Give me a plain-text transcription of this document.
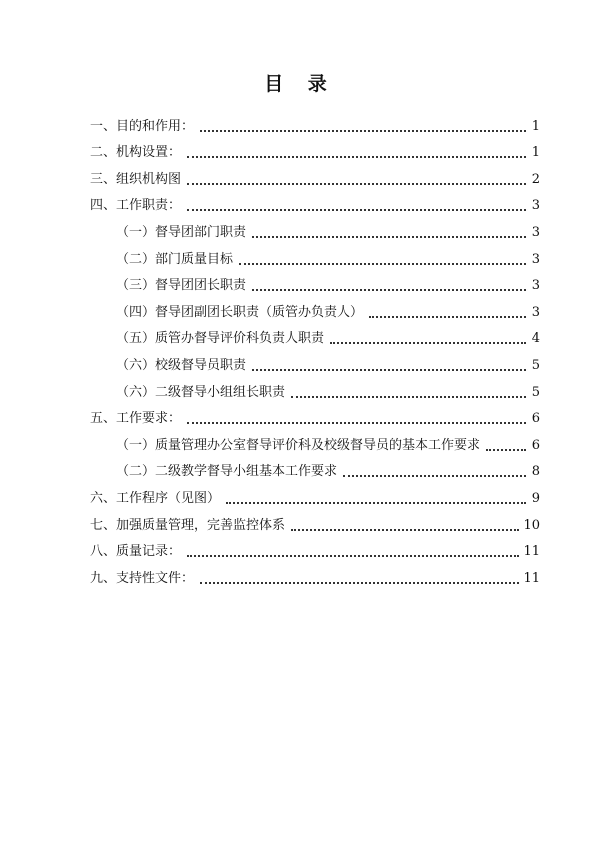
目 录
一、目的和作用：	1
二、机构设置：	1
三、组织机构图	2
四、工作职责：	3
（一）督导团部门职责	3
（二）部门质量目标	3
（三）督导团团长职责	3
（四）督导团副团长职责（质管办负责人）	3
（五）质管办督导评价科负责人职责	4
（六）校级督导员职责	5
（六）二级督导小组组长职责	5
五、工作要求：	6
（一）质量管理办公室督导评价科及校级督导员的基本工作要求	6
（二）二级教学督导小组基本工作要求	8
六、工作程序（见图）	9
七、加强质量管理，完善监控体系	10
八、质量记录：	11
九、支持性文件：	11
